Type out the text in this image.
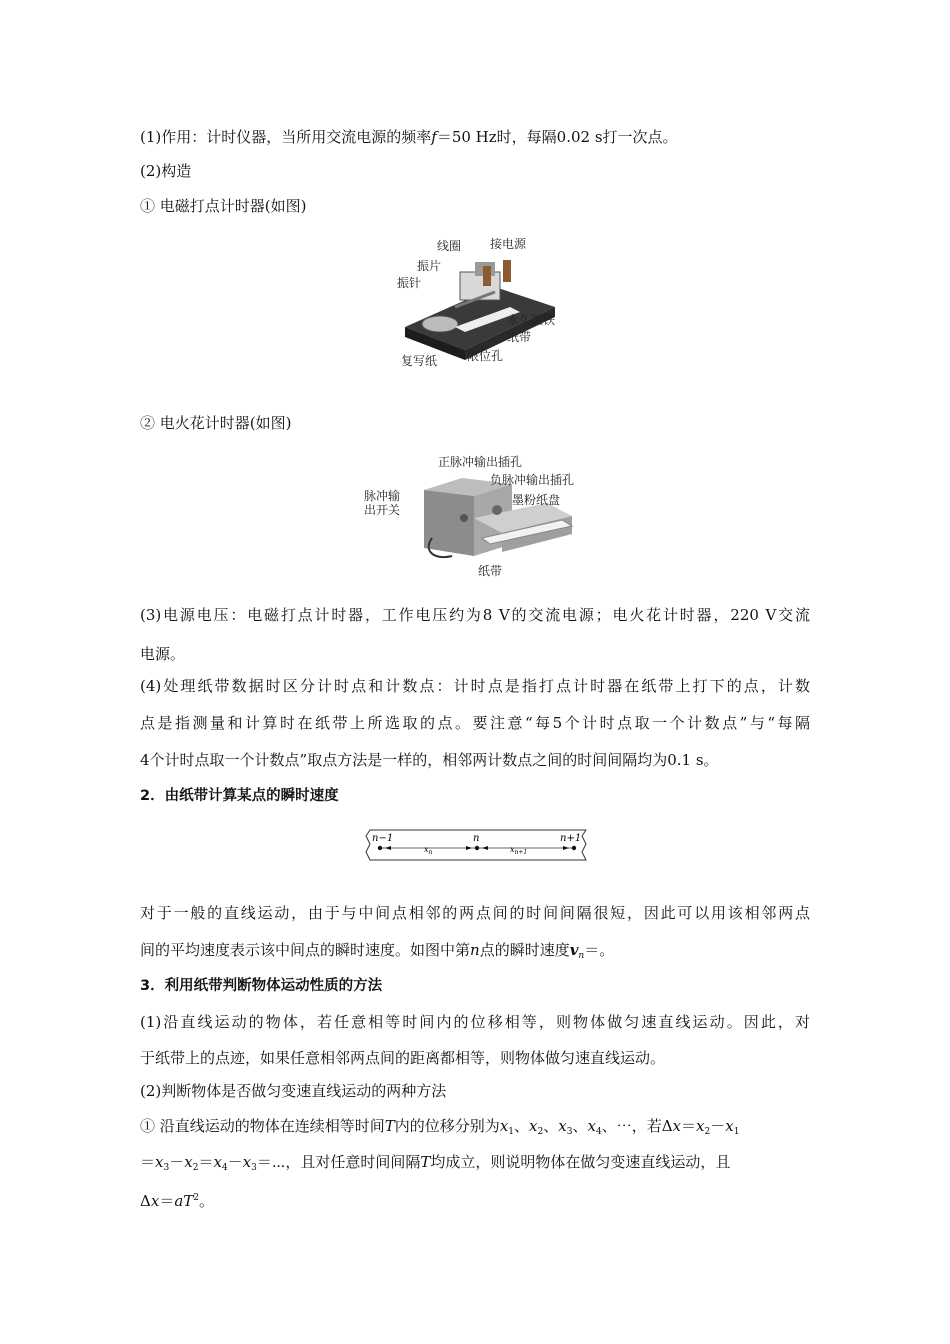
(1)作用：计时仪器，当所用交流电源的频率f＝50 Hz时，每隔0.02 s打一次点。
(2)构造
① 电磁打点计时器(如图)
线圈 接电源
振片
振针
永久磁铁
纸带
复写纸 限位孔
② 电火花计时器(如图)
正脉冲输出插孔
负脉冲输出插孔
脉冲输
出开关
墨粉纸盘
纸带
(3)电源电压：电磁打点计时器，工作电压约为8 V的交流电源；电火花计时器，220 V交流
电源。
(4)处理纸带数据时区分计时点和计数点：计时点是指打点计时器在纸带上打下的点，计数
点是指测量和计算时在纸带上所选取的点。要注意“每5个计时点取一个计数点”与“每隔
4个计时点取一个计数点”取点方法是一样的，相邻两计数点之间的时间间隔均为0.1 s。
2．由纸带计算某点的瞬时速度
n−1	n	n+1
$x_n$	$x_{n+1}$
对于一般的直线运动，由于与中间点相邻的两点间的时间间隔很短，因此可以用该相邻两点
间的平均速度表示该中间点的瞬时速度。如图中第n点的瞬时速度$v_n=$。
3．利用纸带判断物体运动性质的方法
(1)沿直线运动的物体，若任意相等时间内的位移相等，则物体做匀速直线运动。因此，对
于纸带上的点迹，如果任意相邻两点间的距离都相等，则物体做匀速直线运动。
(2)判断物体是否做匀变速直线运动的两种方法
① 沿直线运动的物体在连续相等时间T内的位移分别为$x_1$、$x_2$、$x_3$、$x_4$、⋯，若$\Delta x=x_2-x_1$
$=x_3-x_2=x_4-x_3=\cdots$，且对任意时间间隔T均成立，则说明物体在做匀变速直线运动，且
$\Delta x=aT^2$。
